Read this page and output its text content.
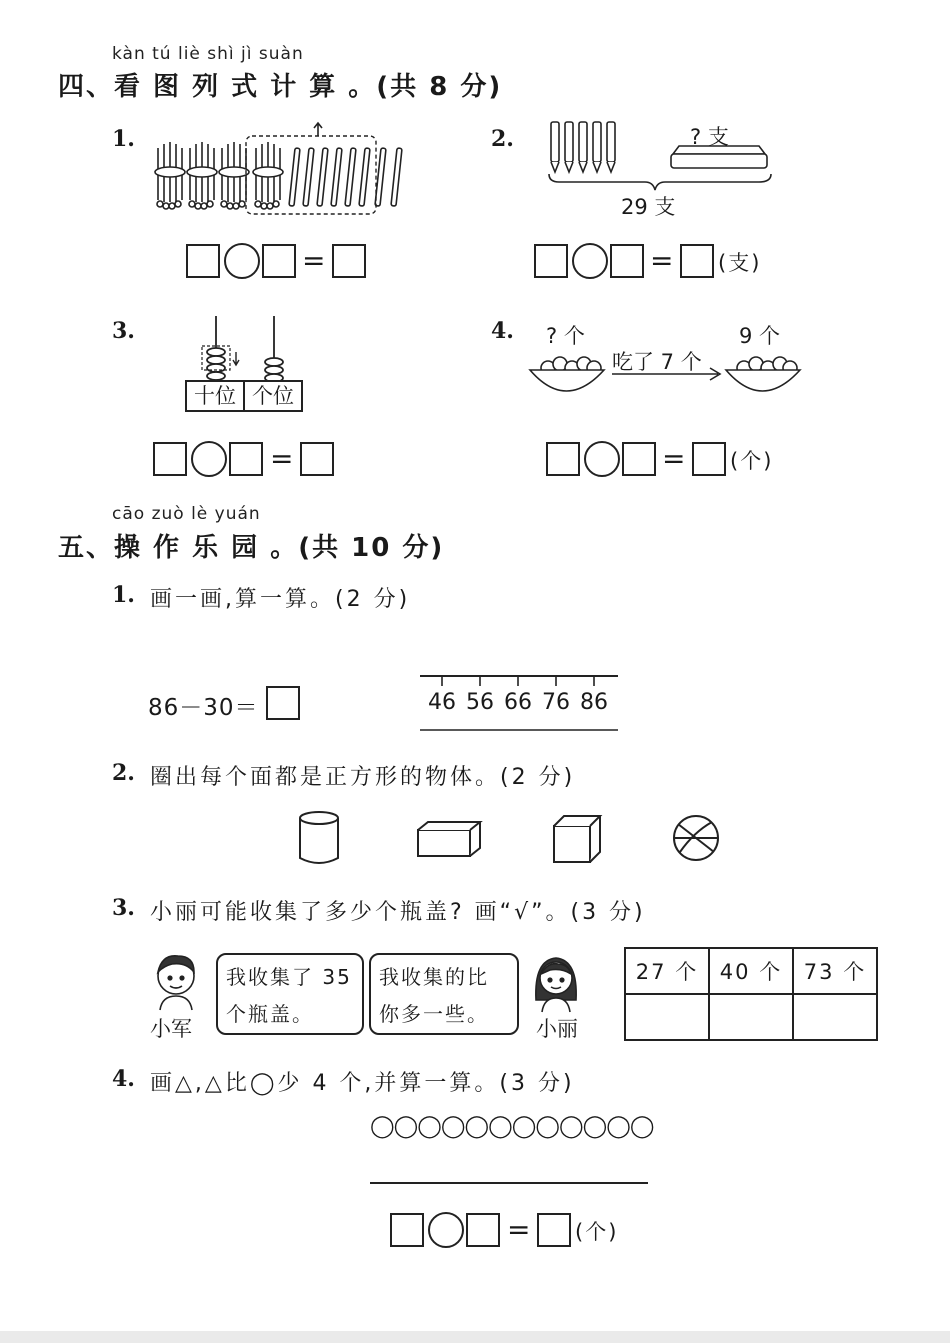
kàn tú liè shì jì suàn
四、看 图 列 式 计 算 。(共 8 分)
1.
=
2.	? 支
29 支
= (支)
3.
十位 个位
=
4. ? 个
吃了 7 个
9 个
= (个)
cāo zuò lè yuán
五、操 作 乐 园 。(共 10 分)
1. 画一画,算一算。(2 分)
86－30＝	46 56 66 76 86
2. 圈出每个面都是正方形的物体。(2 分)
3. 小丽可能收集了多少个瓶盖? 画“√”。(3 分)
小军
我收集了 35
个瓶盖。
我收集的比
你多一些。
小丽
27 个	40 个	73 个

4. 画△,△比◯少 4 个,并算一算。(3 分)
◯◯◯◯◯◯◯◯◯◯◯◯
= (个)
